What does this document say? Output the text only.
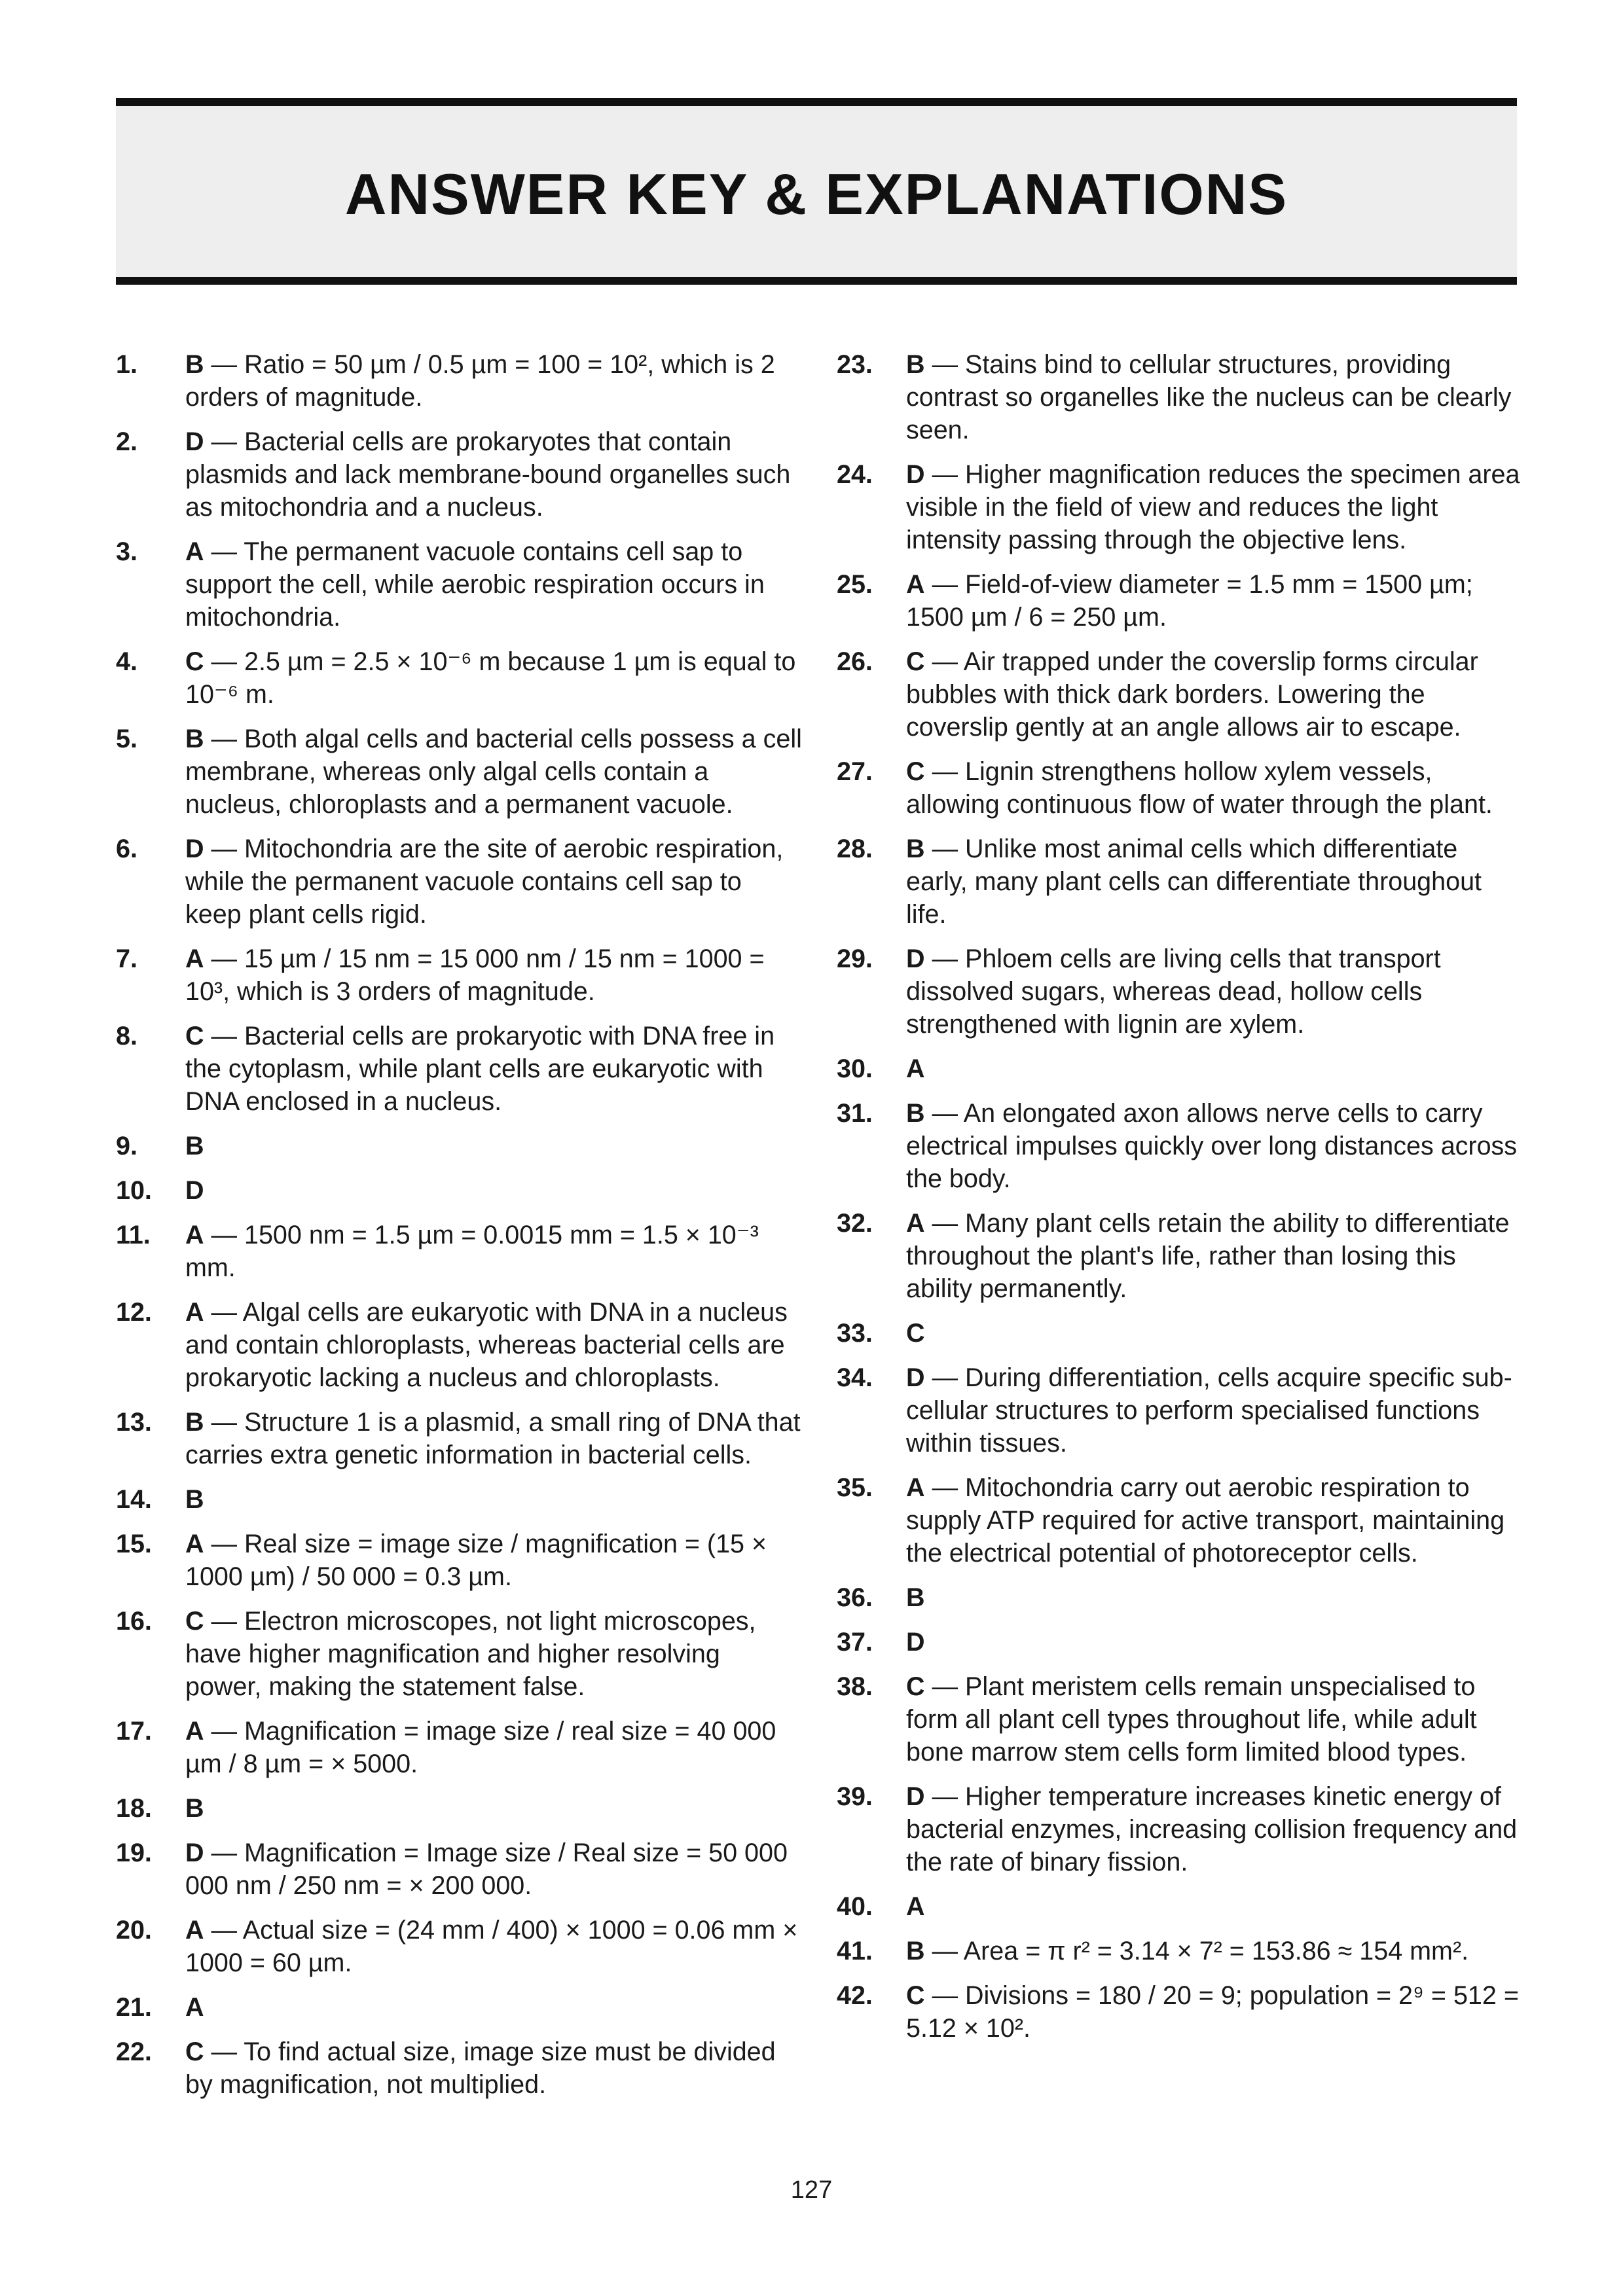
ANSWER KEY & EXPLANATIONS
1.	B — Ratio = 50 µm / 0.5 µm = 100 = 10², which is 2 orders of magnitude.
2.	D — Bacterial cells are prokaryotes that contain plasmids and lack membrane-bound organelles such as mitochondria and a nucleus.
3.	A — The permanent vacuole contains cell sap to support the cell, while aerobic respiration occurs in mitochondria.
4.	C — 2.5 µm = 2.5 × 10⁻⁶ m because 1 µm is equal to 10⁻⁶ m.
5.	B — Both algal cells and bacterial cells possess a cell membrane, whereas only algal cells contain a nucleus, chloroplasts and a permanent vacuole.
6.	D — Mitochondria are the site of aerobic respiration, while the permanent vacuole contains cell sap to keep plant cells rigid.
7.	A — 15 µm / 15 nm = 15 000 nm / 15 nm = 1000 = 10³, which is 3 orders of magnitude.
8.	C — Bacterial cells are prokaryotic with DNA free in the cytoplasm, while plant cells are eukaryotic with DNA enclosed in a nucleus.
9.	B
10.	D
11.	A — 1500 nm = 1.5 µm = 0.0015 mm = 1.5 × 10⁻³ mm.
12.	A — Algal cells are eukaryotic with DNA in a nucleus and contain chloroplasts, whereas bacterial cells are prokaryotic lacking a nucleus and chloroplasts.
13.	B — Structure 1 is a plasmid, a small ring of DNA that carries extra genetic information in bacterial cells.
14.	B
15.	A — Real size = image size / magnification = (15 × 1000 µm) / 50 000 = 0.3 µm.
16.	C — Electron microscopes, not light microscopes, have higher magnification and higher resolving power, making the statement false.
17.	A — Magnification = image size / real size = 40 000 µm / 8 µm = × 5000.
18.	B
19.	D — Magnification = Image size / Real size = 50 000 000 nm / 250 nm = × 200 000.
20.	A — Actual size = (24 mm / 400) × 1000 = 0.06 mm × 1000 = 60 µm.
21.	A
22.	C — To find actual size, image size must be divided by magnification, not multiplied.
23.	B — Stains bind to cellular structures, providing contrast so organelles like the nucleus can be clearly seen.
24.	D — Higher magnification reduces the specimen area visible in the field of view and reduces the light intensity passing through the objective lens.
25.	A — Field-of-view diameter = 1.5 mm = 1500 µm; 1500 µm / 6 = 250 µm.
26.	C — Air trapped under the coverslip forms circular bubbles with thick dark borders. Lowering the coverslip gently at an angle allows air to escape.
27.	C — Lignin strengthens hollow xylem vessels, allowing continuous flow of water through the plant.
28.	B — Unlike most animal cells which differentiate early, many plant cells can differentiate throughout life.
29.	D — Phloem cells are living cells that transport dissolved sugars, whereas dead, hollow cells strengthened with lignin are xylem.
30.	A
31.	B — An elongated axon allows nerve cells to carry electrical impulses quickly over long distances across the body.
32.	A — Many plant cells retain the ability to differentiate throughout the plant's life, rather than losing this ability permanently.
33.	C
34.	D — During differentiation, cells acquire specific sub-cellular structures to perform specialised functions within tissues.
35.	A — Mitochondria carry out aerobic respiration to supply ATP required for active transport, maintaining the electrical potential of photoreceptor cells.
36.	B
37.	D
38.	C — Plant meristem cells remain unspecialised to form all plant cell types throughout life, while adult bone marrow stem cells form limited blood types.
39.	D — Higher temperature increases kinetic energy of bacterial enzymes, increasing collision frequency and the rate of binary fission.
40.	A
41.	B — Area = π r² = 3.14 × 7² = 153.86 ≈ 154 mm².
42.	C — Divisions = 180 / 20 = 9; population = 2⁹ = 512 = 5.12 × 10².
127
